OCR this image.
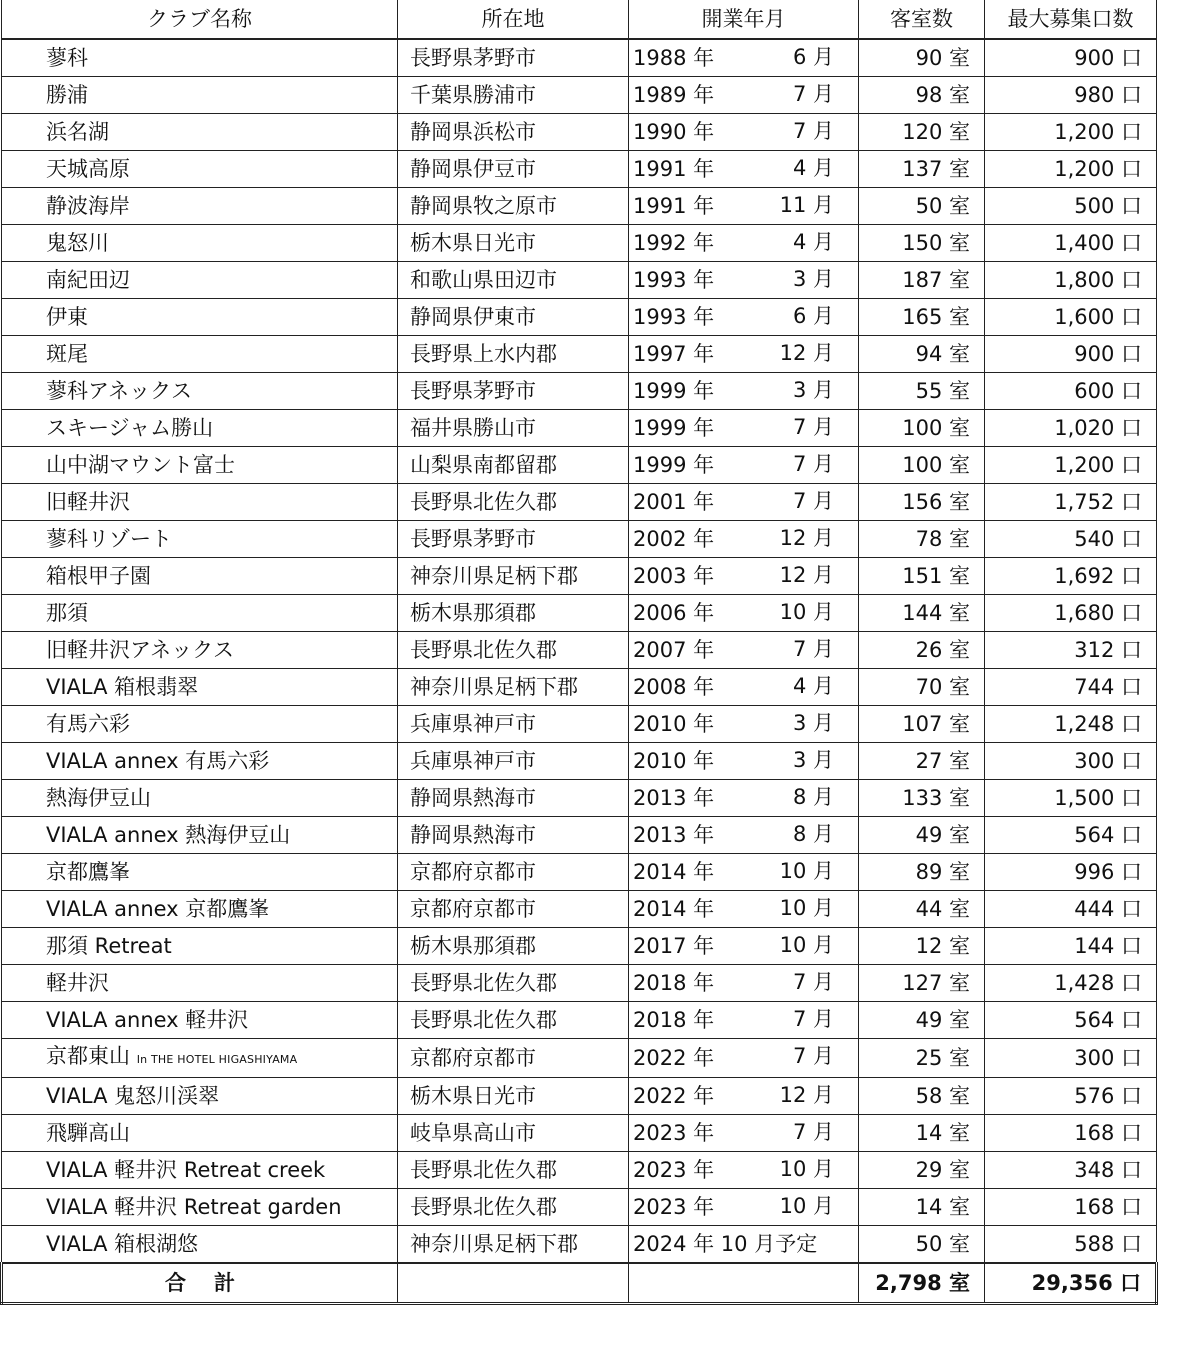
クラブ名称	所在地	開業年月	客室数	最大募集口数
蓼科	長野県茅野市	1988 年 6 月	90 室	900 口
勝浦	千葉県勝浦市	1989 年 7 月	98 室	980 口
浜名湖	静岡県浜松市	1990 年 7 月	120 室	1,200 口
天城高原	静岡県伊豆市	1991 年 4 月	137 室	1,200 口
静波海岸	静岡県牧之原市	1991 年 11 月	50 室	500 口
鬼怒川	栃木県日光市	1992 年 4 月	150 室	1,400 口
南紀田辺	和歌山県田辺市	1993 年 3 月	187 室	1,800 口
伊東	静岡県伊東市	1993 年 6 月	165 室	1,600 口
斑尾	長野県上水内郡	1997 年 12 月	94 室	900 口
蓼科アネックス	長野県茅野市	1999 年 3 月	55 室	600 口
スキージャム勝山	福井県勝山市	1999 年 7 月	100 室	1,020 口
山中湖マウント富士	山梨県南都留郡	1999 年 7 月	100 室	1,200 口
旧軽井沢	長野県北佐久郡	2001 年 7 月	156 室	1,752 口
蓼科リゾート	長野県茅野市	2002 年 12 月	78 室	540 口
箱根甲子園	神奈川県足柄下郡	2003 年 12 月	151 室	1,692 口
那須	栃木県那須郡	2006 年 10 月	144 室	1,680 口
旧軽井沢アネックス	長野県北佐久郡	2007 年 7 月	26 室	312 口
VIALA 箱根翡翠	神奈川県足柄下郡	2008 年 4 月	70 室	744 口
有馬六彩	兵庫県神戸市	2010 年 3 月	107 室	1,248 口
VIALA annex 有馬六彩	兵庫県神戸市	2010 年 3 月	27 室	300 口
熱海伊豆山	静岡県熱海市	2013 年 8 月	133 室	1,500 口
VIALA annex 熱海伊豆山	静岡県熱海市	2013 年 8 月	49 室	564 口
京都鷹峯	京都府京都市	2014 年 10 月	89 室	996 口
VIALA annex 京都鷹峯	京都府京都市	2014 年 10 月	44 室	444 口
那須 Retreat	栃木県那須郡	2017 年 10 月	12 室	144 口
軽井沢	長野県北佐久郡	2018 年 7 月	127 室	1,428 口
VIALA annex 軽井沢	長野県北佐久郡	2018 年 7 月	49 室	564 口
京都東山 In THE HOTEL HIGASHIYAMA	京都府京都市	2022 年 7 月	25 室	300 口
VIALA 鬼怒川渓翠	栃木県日光市	2022 年 12 月	58 室	576 口
飛騨高山	岐阜県高山市	2023 年 7 月	14 室	168 口
VIALA 軽井沢 Retreat creek	長野県北佐久郡	2023 年 10 月	29 室	348 口
VIALA 軽井沢 Retreat garden	長野県北佐久郡	2023 年 10 月	14 室	168 口
VIALA 箱根湖悠	神奈川県足柄下郡	2024 年 10 月予定	50 室	588 口
合計			2,798 室	29,356 口
